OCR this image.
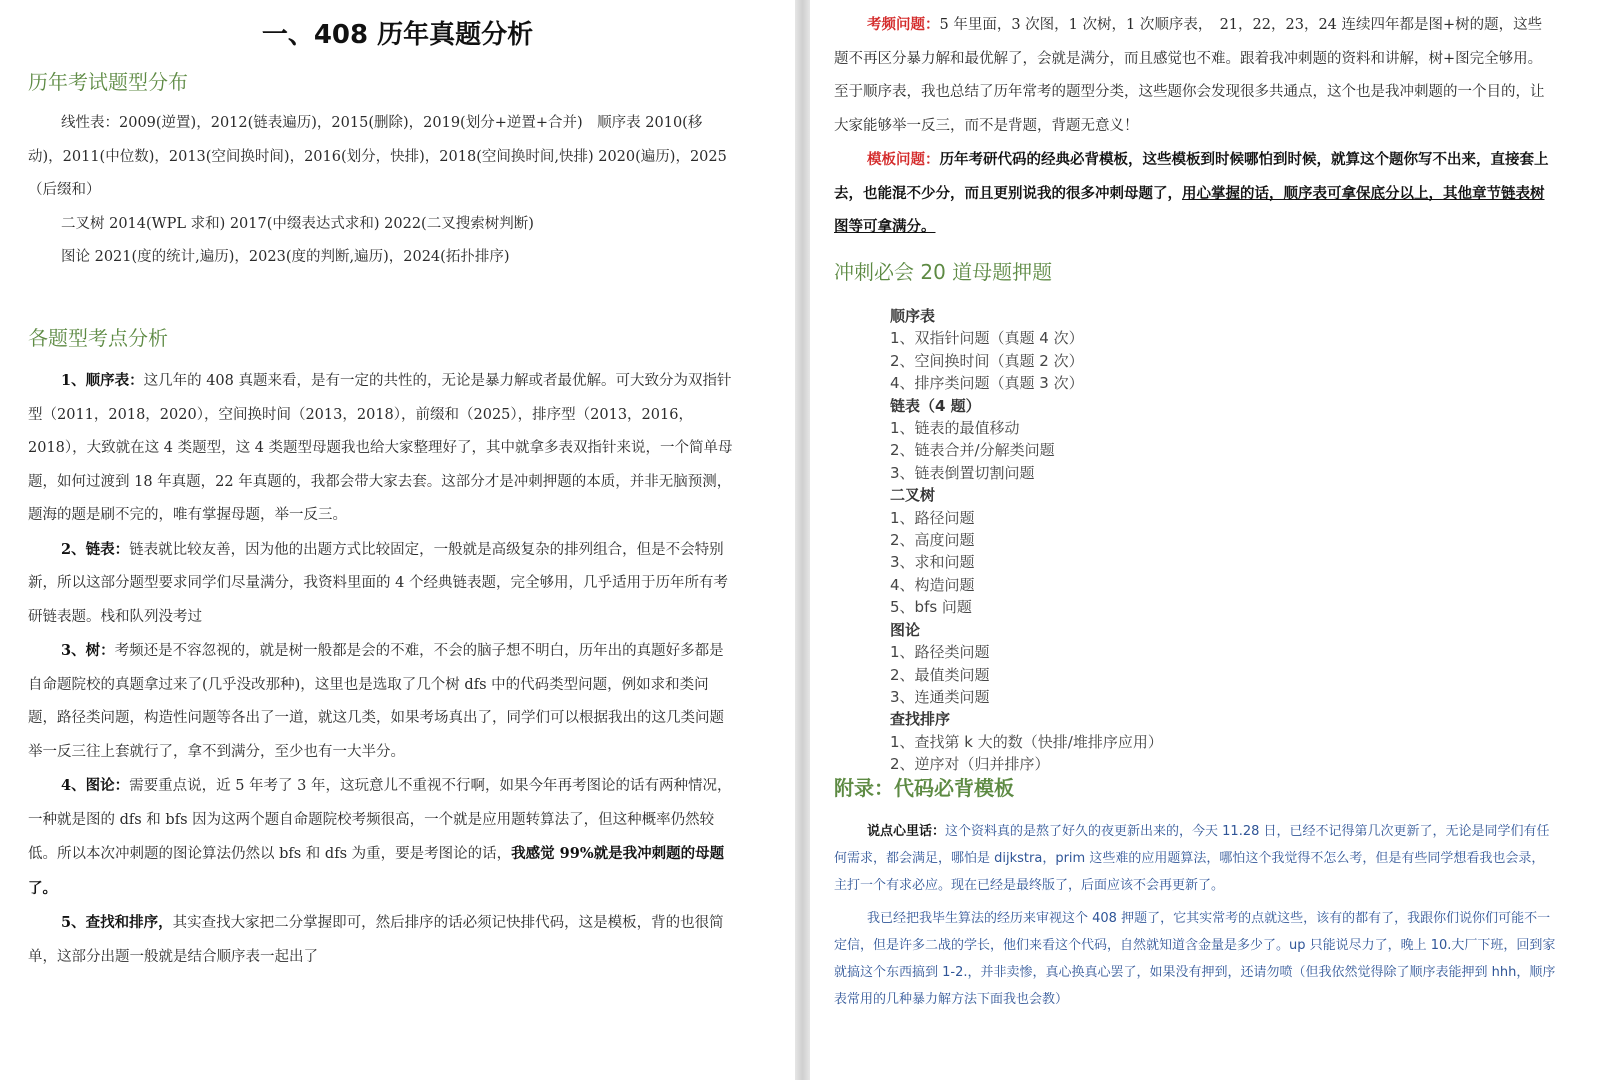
一、408 历年真题分析
历年考试题型分布

线性表：2009(逆置)，2012(链表遍历)，2015(删除)，2019(划分+逆置+合并)　顺序表 2010(移动)，2011(中位数)，2013(空间换时间)，2016(划分，快排)，2018(空间换时间,快排) 2020(遍历)，2025（后缀和）

二叉树 2014(WPL 求和) 2017(中缀表达式求和) 2022(二叉搜索树判断)

图论 2021(度的统计,遍历)，2023(度的判断,遍历)，2024(拓扑排序)

各题型考点分析

1、顺序表：这几年的 408 真题来看，是有一定的共性的，无论是暴力解或者最优解。可大致分为双指针型（2011，2018，2020），空间换时间（2013，2018），前缀和（2025），排序型（2013，2016，2018），大致就在这 4 类题型，这 4 类题型母题我也给大家整理好了，其中就拿多表双指针来说，一个简单母题，如何过渡到 18 年真题，22 年真题的，我都会带大家去套。这部分才是冲刺押题的本质，并非无脑预测，题海的题是刷不完的，唯有掌握母题，举一反三。

2、链表：链表就比较友善，因为他的出题方式比较固定，一般就是高级复杂的排列组合，但是不会特别新，所以这部分题型要求同学们尽量满分，我资料里面的 4 个经典链表题，完全够用，几乎适用于历年所有考研链表题。栈和队列没考过

3、树：考频还是不容忽视的，就是树一般都是会的不难，不会的脑子想不明白，历年出的真题好多都是自命题院校的真题拿过来了(几乎没改那种)，这里也是选取了几个树 dfs 中的代码类型问题，例如求和类问题，路径类问题，构造性问题等各出了一道，就这几类，如果考场真出了，同学们可以根据我出的这几类问题举一反三往上套就行了，拿不到满分，至少也有一大半分。

4、图论：需要重点说，近 5 年考了 3 年，这玩意儿不重视不行啊，如果今年再考图论的话有两种情况，一种就是图的 dfs 和 bfs 因为这两个题自命题院校考频很高，一个就是应用题转算法了，但这种概率仍然较低。所以本次冲刺题的图论算法仍然以 bfs 和 dfs 为重，要是考图论的话，我感觉 99%就是我冲刺题的母题了。

5、查找和排序，其实查找大家把二分掌握即可，然后排序的话必须记快排代码，这是模板，背的也很简单，这部分出题一般就是结合顺序表一起出了

考频问题：5 年里面，3 次图，1 次树，1 次顺序表，　21，22，23，24 连续四年都是图+树的题，这些题不再区分暴力解和最优解了，会就是满分，而且感觉也不难。跟着我冲刺题的资料和讲解，树+图完全够用。至于顺序表，我也总结了历年常考的题型分类，这些题你会发现很多共通点，这个也是我冲刺题的一个目的，让大家能够举一反三，而不是背题，背题无意义！

模板问题：历年考研代码的经典必背模板，这些模板到时候哪怕到时候，就算这个题你写不出来，直接套上去，也能混不少分，而且更别说我的很多冲刺母题了，用心掌握的话，顺序表可拿保底分以上，其他章节链表树图等可拿满分。

冲刺必会 20 道母题押题
附录：代码必背模板

说点心里话：这个资料真的是熬了好久的夜更新出来的，今天 11.28 日，已经不记得第几次更新了，无论是同学们有任何需求，都会满足，哪怕是 dijkstra，prim 这些难的应用题算法，哪怕这个我觉得不怎么考，但是有些同学想看我也会录，主打一个有求必应。现在已经是最终版了，后面应该不会再更新了。

我已经把我毕生算法的经历来审视这个 408 押题了，它其实常考的点就这些，该有的都有了，我跟你们说你们可能不一定信，但是许多二战的学长，他们来看这个代码，自然就知道含金量是多少了。up 只能说尽力了，晚上 10.大厂下班，回到家就搞这个东西搞到 1-2.，并非卖惨，真心换真心罢了，如果没有押到，还请勿喷（但我依然觉得除了顺序表能押到 hhh，顺序表常用的几种暴力解方法下面我也会教）

顺序表
1、双指针问题（真题 4 次）
2、空间换时间（真题 2 次）
4、排序类问题（真题 3 次）
链表（4 题）
1、链表的最值移动
2、链表合并/分解类问题
3、链表倒置切割问题
二叉树
1、路径问题
2、高度问题
3、求和问题
4、构造问题
5、bfs 问题
图论
1、路径类问题
2、最值类问题
3、连通类问题
查找排序
1、查找第 k 大的数（快排/堆排序应用）
2、逆序对（归并排序）
